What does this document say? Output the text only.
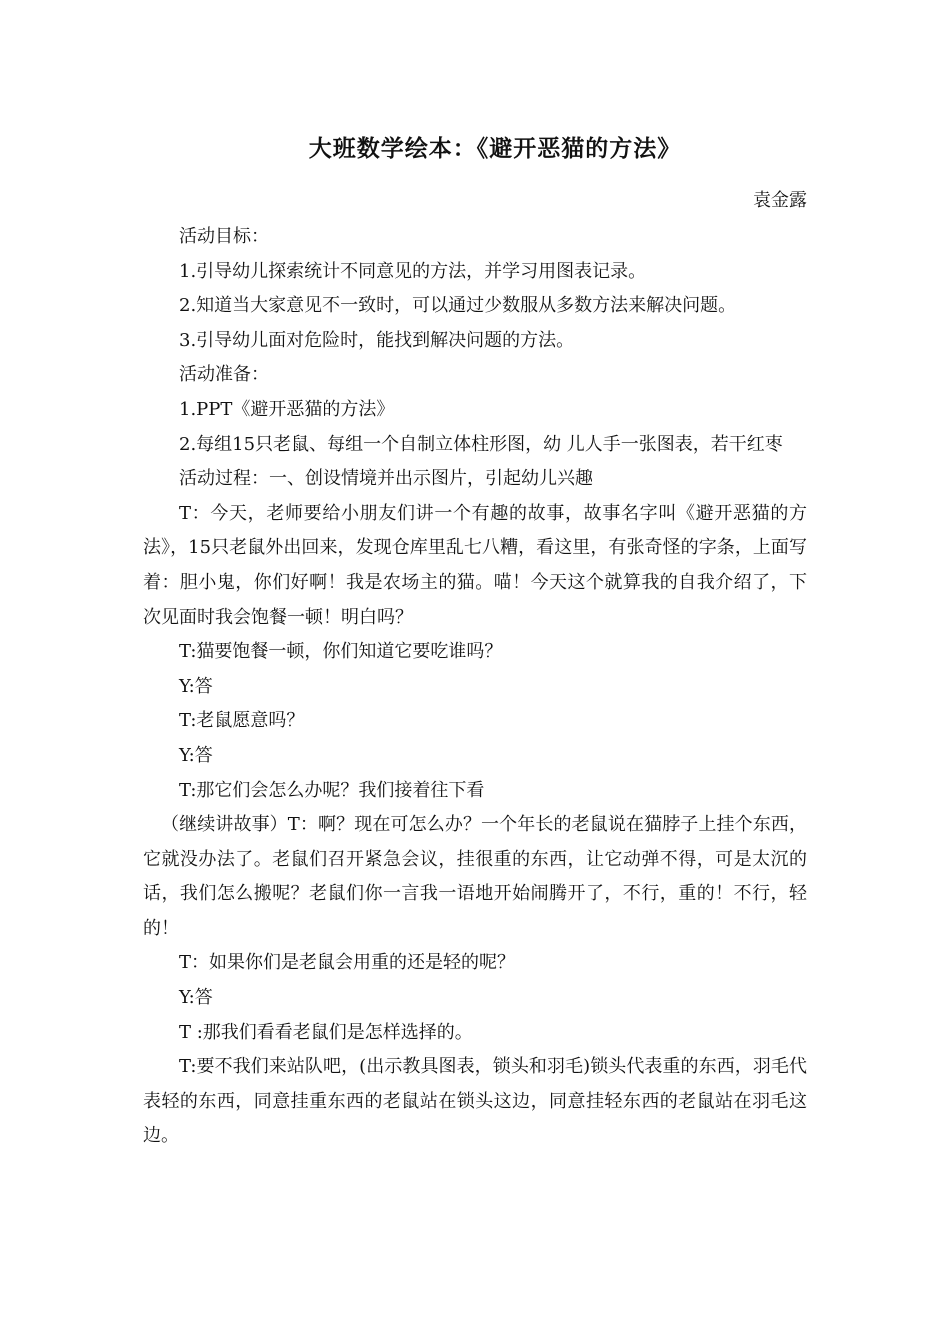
大班数学绘本：《避开恶猫的方法》
袁金露

活动目标：

1.引导幼儿探索统计不同意见的方法，并学习用图表记录。

2.知道当大家意见不一致时，可以通过少数服从多数方法来解决问题。

3.引导幼儿面对危险时，能找到解决问题的方法。

活动准备：

1.PPT《避开恶猫的方法》

2.每组15只老鼠、每组一个自制立体柱形图，幼 儿人手一张图表，若干红枣

活动过程：一、创设情境并出示图片，引起幼儿兴趣

T：今天，老师要给小朋友们讲一个有趣的故事，故事名字叫《避开恶猫的方法》，15只老鼠外出回来，发现仓库里乱七八糟，看这里，有张奇怪的字条，上面写着：胆小鬼，你们好啊！我是农场主的猫。喵！今天这个就算我的自我介绍了，下次见面时我会饱餐一顿！明白吗？

T:猫要饱餐一顿，你们知道它要吃谁吗？

Y:答

T:老鼠愿意吗？

Y:答

T:那它们会怎么办呢？我们接着往下看

（继续讲故事）T：啊？现在可怎么办？一个年长的老鼠说在猫脖子上挂个东西，它就没办法了。老鼠们召开紧急会议，挂很重的东西，让它动弹不得，可是太沉的话，我们怎么搬呢？老鼠们你一言我一语地开始闹腾开了，不行，重的！不行，轻的！

T：如果你们是老鼠会用重的还是轻的呢？

Y:答

T :那我们看看老鼠们是怎样选择的。

T:要不我们来站队吧，(出示教具图表，锁头和羽毛)锁头代表重的东西，羽毛代表轻的东西，同意挂重东西的老鼠站在锁头这边，同意挂轻东西的老鼠站在羽毛这边。
